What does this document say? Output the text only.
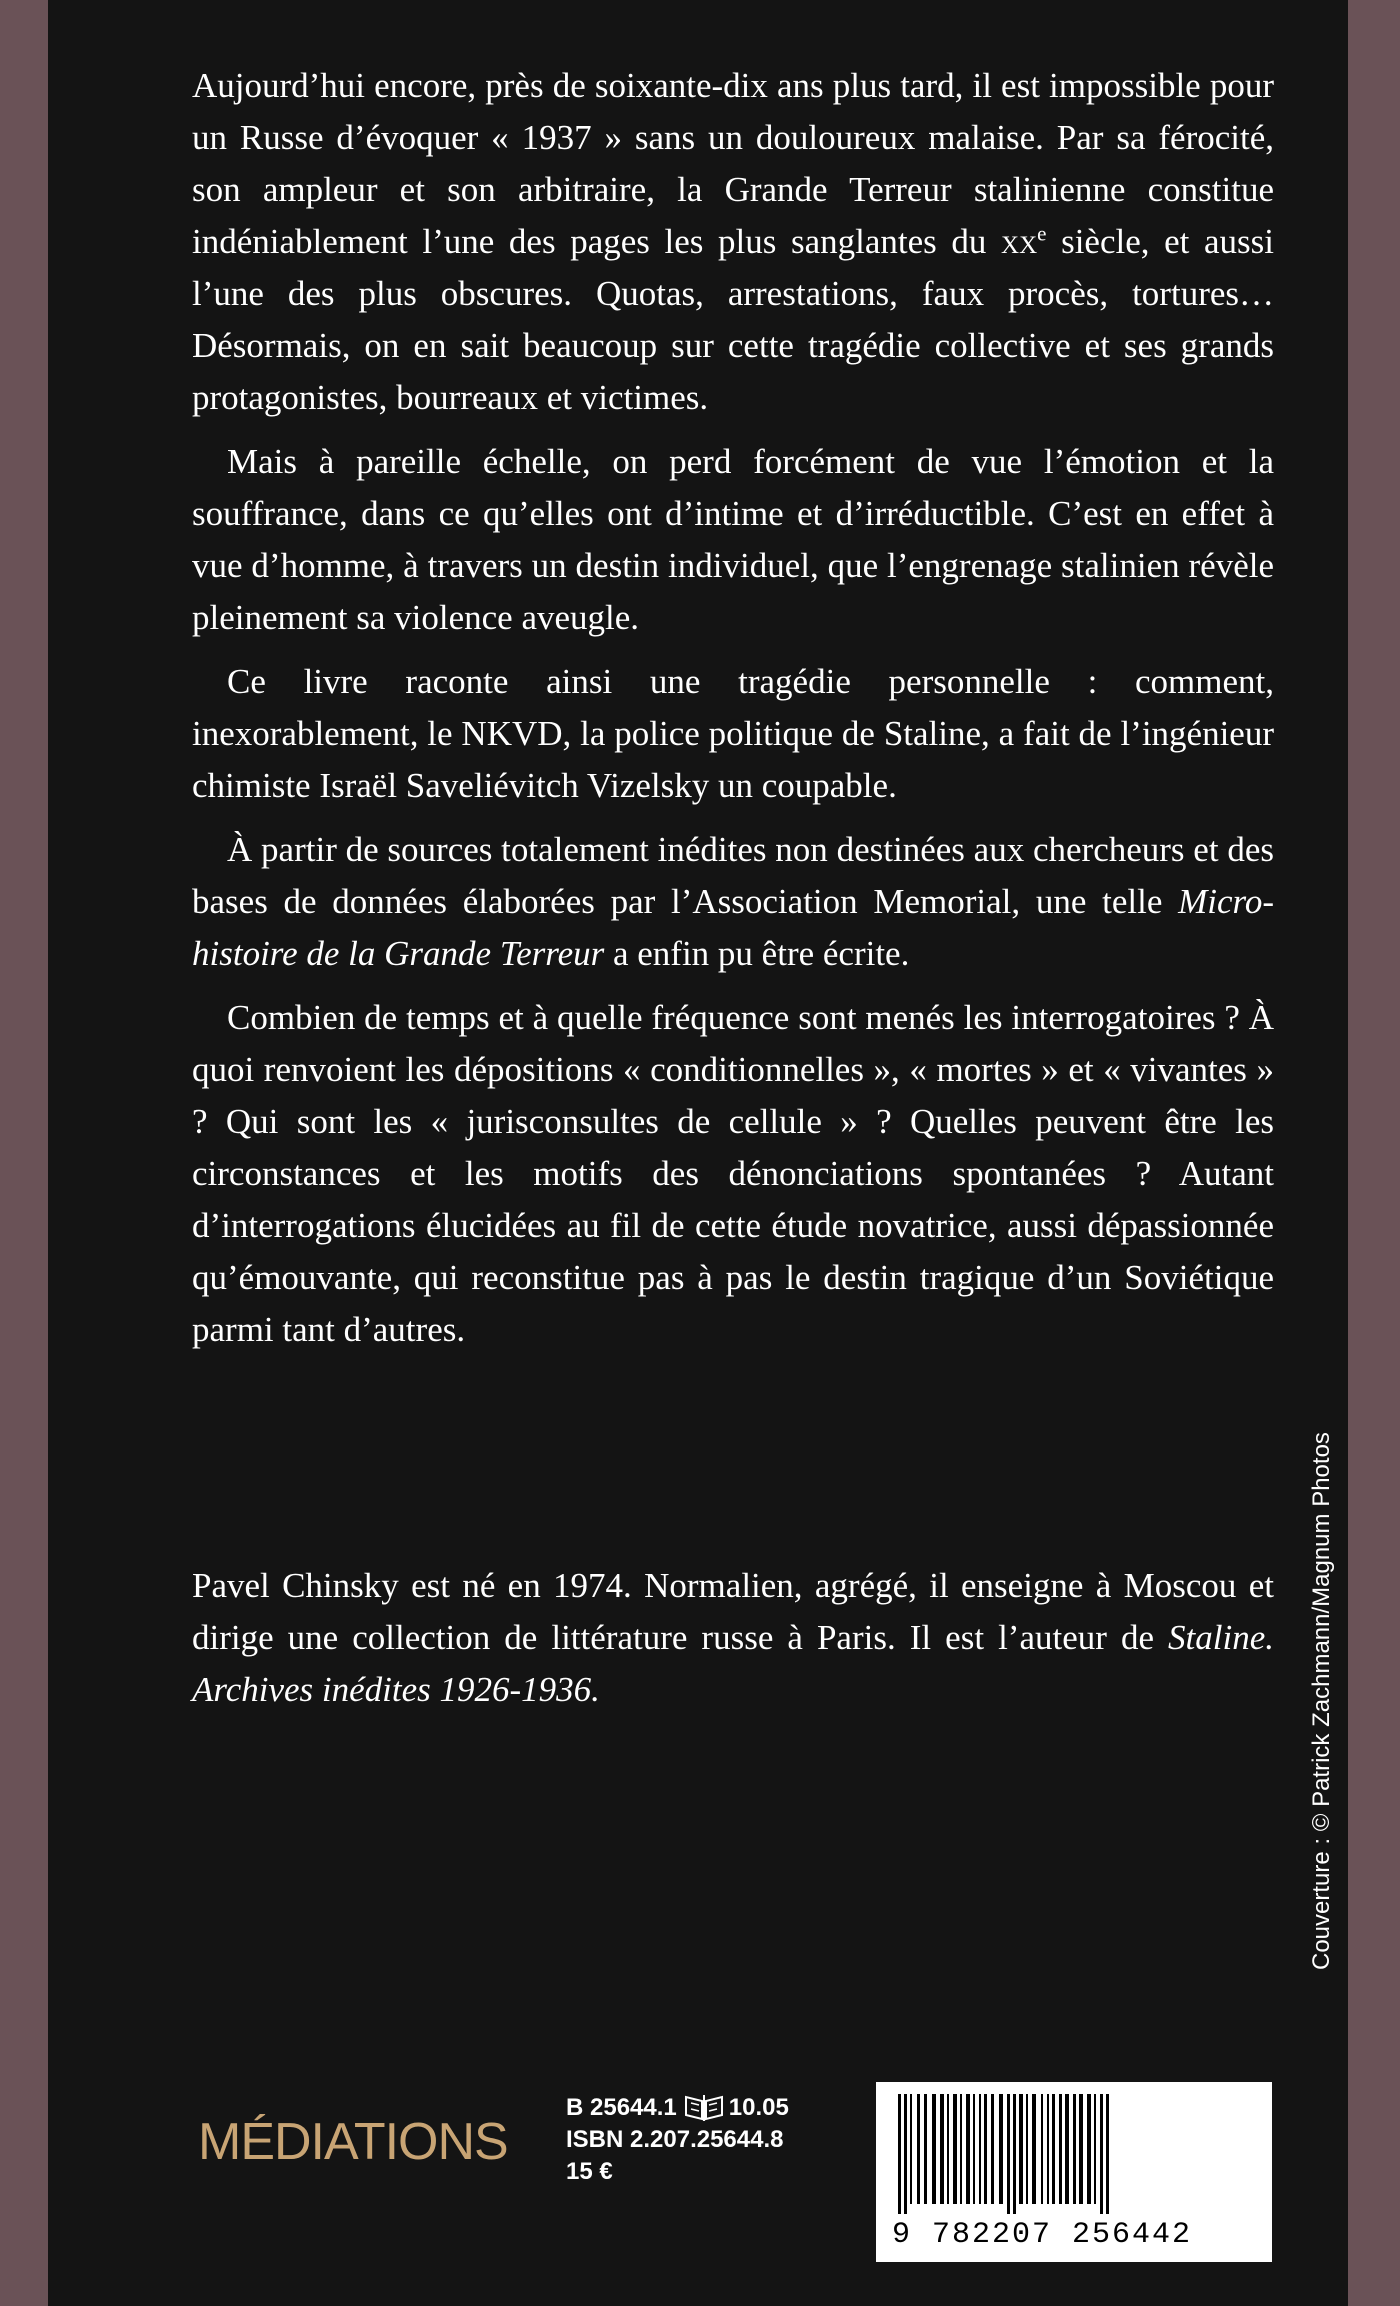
Aujourd’hui encore, près de soixante-dix ans plus tard, il est impossible pour un Russe d’évoquer « 1937 » sans un douloureux malaise. Par sa férocité, son ampleur et son arbitraire, la Grande Terreur stalinienne constitue indéniablement l’une des pages les plus sanglantes du $xx^e$ siècle, et aussi l’une des plus obscures. Quotas, arrestations, faux procès, tortures… Désormais, on en sait beaucoup sur cette tragédie collective et ses grands protagonistes, bourreaux et victimes.

Mais à pareille échelle, on perd forcément de vue l’émotion et la souffrance, dans ce qu’elles ont d’intime et d’irréductible. C’est en effet à vue d’homme, à travers un destin individuel, que l’engrenage stalinien révèle pleinement sa violence aveugle.

Ce livre raconte ainsi une tragédie personnelle : comment, inexorablement, le NKVD, la police politique de Staline, a fait de l’ingénieur chimiste Israël Saveliévitch Vizelsky un coupable.

À partir de sources totalement inédites non destinées aux chercheurs et des bases de données élaborées par l’Association Memorial, une telle Micro-histoire de la Grande Terreur a enfin pu être écrite.

Combien de temps et à quelle fréquence sont menés les interrogatoires ? À quoi renvoient les dépositions « conditionnelles », « mortes » et « vivantes » ? Qui sont les « jurisconsultes de cellule » ? Quelles peuvent être les circonstances et les motifs des dénonciations spontanées ? Autant d’interrogations élucidées au fil de cette étude novatrice, aussi dépassionnée qu’émouvante, qui reconstitue pas à pas le destin tragique d’un Soviétique parmi tant d’autres.

Pavel Chinsky est né en 1974. Normalien, agrégé, il enseigne à Moscou et dirige une collection de littérature russe à Paris. Il est l’auteur de Staline. Archives inédites 1926-1936.	Couverture : © Patrick Zachmann/Magnum Photos
MÉDIATIONS
B 25644.1 10.05
ISBN 2.207.25644.8
15 €
9 782207 256442
